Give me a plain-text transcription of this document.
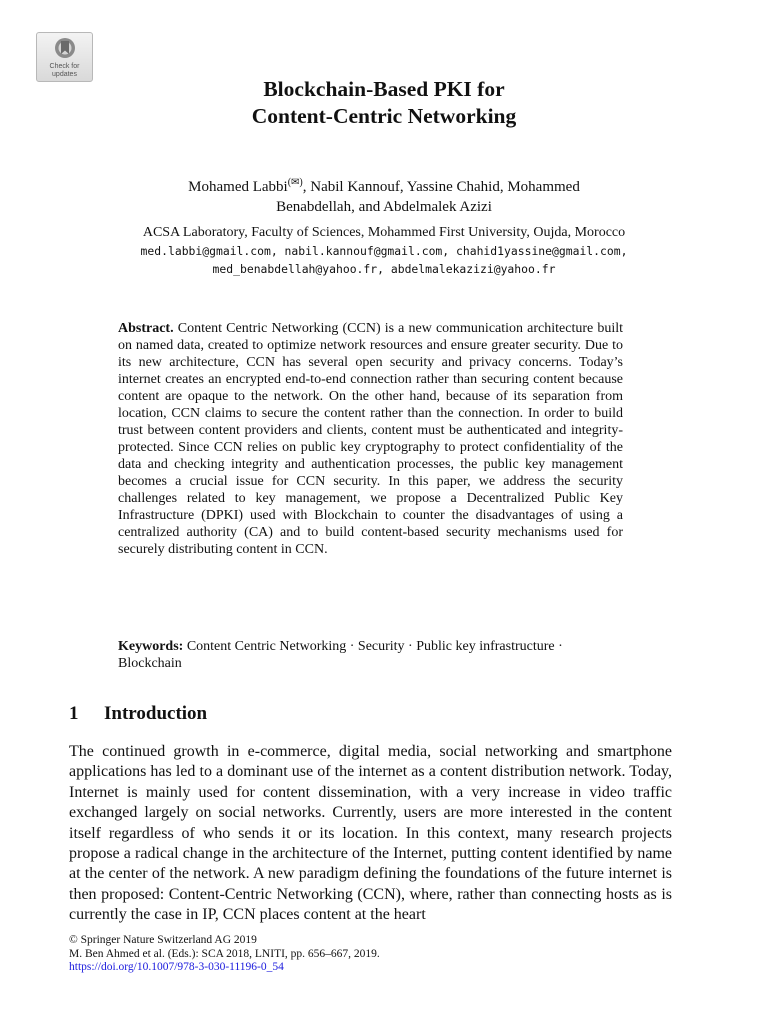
Check for
updates
Blockchain-Based PKI for
Content-Centric Networking
Mohamed Labbi(✉), Nabil Kannouf, Yassine Chahid, Mohammed
Benabdellah, and Abdelmalek Azizi
ACSA Laboratory, Faculty of Sciences, Mohammed First University, Oujda, Morocco
med.labbi@gmail.com, nabil.kannouf@gmail.com, chahid1yassine@gmail.com,
med_benabdellah@yahoo.fr, abdelmalekazizi@yahoo.fr
Abstract. Content Centric Networking (CCN) is a new communication architecture built on named data, created to optimize network resources and ensure greater security. Due to its new architecture, CCN has several open security and privacy concerns. Today’s internet creates an encrypted end-to-end connection rather than securing content because content are opaque to the network. On the other hand, because of its separation from location, CCN claims to secure the content rather than the connection. In order to build trust between content providers and clients, content must be authenticated and integrity-protected. Since CCN relies on public key cryptography to protect confidentiality of the data and checking integrity and authentication processes, the public key management becomes a crucial issue for CCN security. In this paper, we address the security challenges related to key management, we propose a Decentralized Public Key Infrastructure (DPKI) used with Blockchain to counter the disadvantages of using a centralized authority (CA) and to build content-based security mechanisms used for securely distributing content in CCN.
Keywords: Content Centric Networking · Security · Public key infrastructure · Blockchain
1 Introduction
The continued growth in e-commerce, digital media, social networking and smartphone applications has led to a dominant use of the internet as a content distribution network. Today, Internet is mainly used for content dissemination, with a very increase in video traffic exchanged largely on social networks. Currently, users are more interested in the content itself regardless of who sends it or its location. In this context, many research projects propose a radical change in the architecture of the Internet, putting content identified by name at the center of the network. A new paradigm defining the foundations of the future internet is then proposed: Content-Centric Networking (CCN), where, rather than connecting hosts as is currently the case in IP, CCN places content at the heart
© Springer Nature Switzerland AG 2019
M. Ben Ahmed et al. (Eds.): SCA 2018, LNITI, pp. 656–667, 2019.
https://doi.org/10.1007/978-3-030-11196-0_54
